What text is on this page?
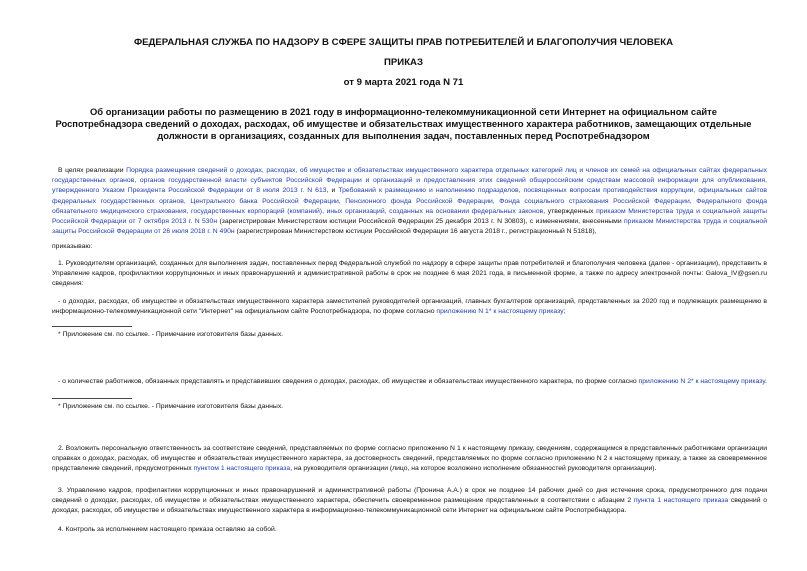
ФЕДЕРАЛЬНАЯ СЛУЖБА ПО НАДЗОРУ В СФЕРЕ ЗАЩИТЫ ПРАВ ПОТРЕБИТЕЛЕЙ И БЛАГОПОЛУЧИЯ ЧЕЛОВЕКА

ПРИКАЗ

от 9 марта 2021 года N 71

Об организации работы по размещению в 2021 году в информационно-телекоммуникационной сети Интернет на официальном сайте Роспотребнадзора сведений о доходах, расходах, об имуществе и обязательствах имущественного характера работников, замещающих отдельные должности в организациях, созданных для выполнения задач, поставленных перед Роспотребнадзором

В целях реализации Порядка размещения сведений о доходах, расходах, об имуществе и обязательствах имущественного характера отдельных категорий лиц и членов их семей на официальных сайтах федеральных государственных органов, органов государственной власти субъектов Российской Федерации и организаций и предоставления этих сведений общероссийским средствам массовой информации для опубликования, утвержденного Указом Президента Российской Федерации от 8 июля 2013 г. N 613, и Требований к размещению и наполнению подразделов, посвященных вопросам противодействия коррупции, официальных сайтов федеральных государственных органов, Центрального банка Российской Федерации, Пенсионного фонда Российской Федерации, Фонда социального страхования Российской Федерации, Федерального фонда обязательного медицинского страхования, государственных корпораций (компаний), иных организаций, созданных на основании федеральных законов, утвержденных приказом Министерства труда и социальной защиты Российской Федерации от 7 октября 2013 г. N 530н (зарегистрирован Министерством юстиции Российской Федерации 25 декабря 2013 г. N 30803), с изменениями, внесенными приказом Министерства труда и социальной защиты Российской Федерации от 26 июля 2018 г. N 490н (зарегистрирован Министерством юстиции Российской Федерации 16 августа 2018 г., регистрационный N 51818),

приказываю:

1. Руководителям организаций, созданных для выполнения задач, поставленных перед Федеральной службой по надзору в сфере защиты прав потребителей и благополучия человека (далее - организации), представить в Управление кадров, профилактики коррупционных и иных правонарушений и административной работы в срок не позднее 6 мая 2021 года, в письменной форме, а также по адресу электронной почты: Galova_IV@gsen.ru сведения:

- о доходах, расходах, об имуществе и обязательствах имущественного характера заместителей руководителей организаций, главных бухгалтеров организаций, представленных за 2020 год и подлежащих размещению в информационно-телекоммуникационной сети "Интернет" на официальном сайте Роспотребнадзора, по форме согласно приложению N 1* к настоящему приказу;

* Приложение см. по ссылке. - Примечание изготовителя базы данных.

- о количестве работников, обязанных представлять и представивших сведения о доходах, расходах, об имуществе и обязательствах имущественного характера, по форме согласно приложению N 2* к настоящему приказу.

* Приложение см. по ссылке. - Примечание изготовителя базы данных.

2. Возложить персональную ответственность за соответствие сведений, представляемых по форме согласно приложению N 1 к настоящему приказу, сведениям, содержащимся в представленных работниками организации справках о доходах, расходах, об имуществе и обязательствах имущественного характера, за достоверность сведений, представляемых по форме согласно приложению N 2 к настоящему приказу, а также за своевременное представление сведений, предусмотренных пунктом 1 настоящего приказа, на руководителя организации (лицо, на которое возложено исполнение обязанностей руководителя организации).

3. Управлению кадров, профилактики коррупционных и иных правонарушений и административной работы (Пронина А.А.) в срок не позднее 14 рабочих дней со дня истечения срока, предусмотренного для подачи сведений о доходах, расходах, об имуществе и обязательствах имущественного характера, обеспечить своевременное размещение представленных в соответствии с абзацем 2 пункта 1 настоящего приказа сведений о доходах, расходах, об имуществе и обязательствах имущественного характера в информационно-телекоммуникационной сети Интернет на официальном сайте Роспотребнадзора.

4. Контроль за исполнением настоящего приказа оставляю за собой.
